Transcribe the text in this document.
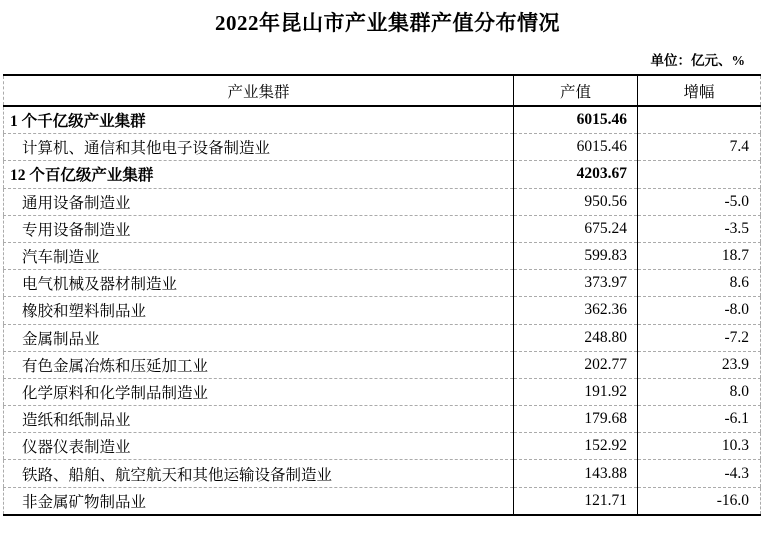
2022年昆山市产业集群产值分布情况
单位：亿元、%
产业集群	产值	增幅
1 个千亿级产业集群	6015.46	
计算机、通信和其他电子设备制造业	6015.46	7.4
12 个百亿级产业集群	4203.67	
通用设备制造业	950.56	-5.0
专用设备制造业	675.24	-3.5
汽车制造业	599.83	18.7
电气机械及器材制造业	373.97	8.6
橡胶和塑料制品业	362.36	-8.0
金属制品业	248.80	-7.2
有色金属冶炼和压延加工业	202.77	23.9
化学原料和化学制品制造业	191.92	8.0
造纸和纸制品业	179.68	-6.1
仪器仪表制造业	152.92	10.3
铁路、船舶、航空航天和其他运输设备制造业	143.88	-4.3
非金属矿物制品业	121.71	-16.0
